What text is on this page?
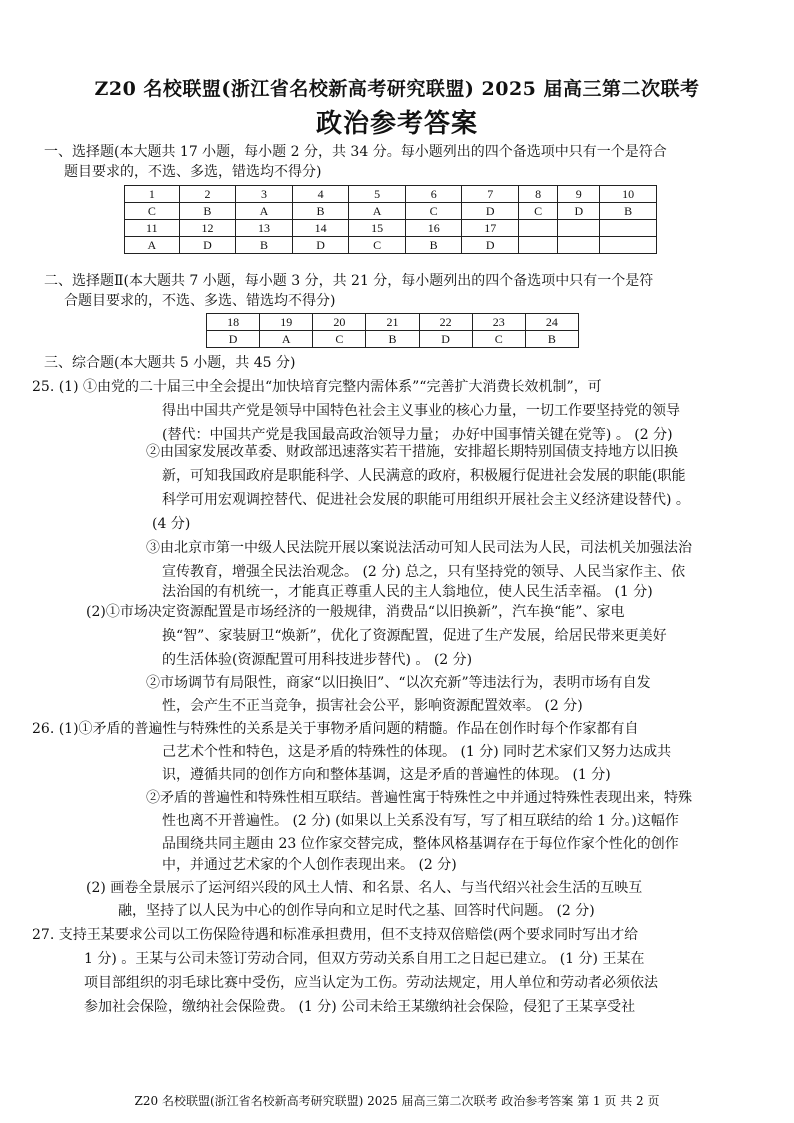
Z20 名校联盟(浙江省名校新高考研究联盟) 2025 届高三第二次联考
政治参考答案
一、选择题(本大题共 17 小题，每小题 2 分，共 34 分。每小题列出的四个备选项中只有一个是符合
题目要求的，不选、多选，错选均不得分)
1	2	3	4	5	6	7	8	9	10
C	B	A	B	A	C	D	C	D	B
11	12	13	14	15	16	17			
A	D	B	D	C	B	D			
二、选择题Ⅱ(本大题共 7 小题，每小题 3 分，共 21 分，每小题列出的四个备选项中只有一个是符
合题目要求的，不选、多选、错选均不得分)
18	19	20	21	22	23	24
D	A	C	B	D	C	B
三、综合题(本大题共 5 小题，共 45 分)
25. (1) ①由党的二十届三中全会提出“加快培育完整内需体系”“完善扩大消费长效机制”，可
得出中国共产党是领导中国特色社会主义事业的核心力量，一切工作要坚持党的领导
(替代：中国共产党是我国最高政治领导力量； 办好中国事情关键在党等) 。 (2 分)
②由国家发展改革委、财政部迅速落实若干措施，安排超长期特别国债支持地方以旧换
新，可知我国政府是职能科学、人民满意的政府，积极履行促进社会发展的职能(职能
科学可用宏观调控替代、促进社会发展的职能可用组织开展社会主义经济建设替代) 。
(4 分)
③由北京市第一中级人民法院开展以案说法活动可知人民司法为人民，司法机关加强法治
宣传教育，增强全民法治观念。 (2 分) 总之，只有坚持党的领导、人民当家作主、依
法治国的有机统一，才能真正尊重人民的主人翁地位，使人民生活幸福。 (1 分)
(2)①市场决定资源配置是市场经济的一般规律，消费品“以旧换新”，汽车换“能”、家电
换“智”、家装厨卫“焕新”，优化了资源配置，促进了生产发展，给居民带来更美好
的生活体验(资源配置可用科技进步替代) 。 (2 分)
②市场调节有局限性，商家“以旧换旧”、“以次充新”等违法行为，表明市场有自发
性，会产生不正当竞争，损害社会公平，影响资源配置效率。 (2 分)
26. (1)①矛盾的普遍性与特殊性的关系是关于事物矛盾问题的精髓。作品在创作时每个作家都有自
己艺术个性和特色，这是矛盾的特殊性的体现。 (1 分) 同时艺术家们又努力达成共
识，遵循共同的创作方向和整体基调，这是矛盾的普遍性的体现。 (1 分)
②矛盾的普遍性和特殊性相互联结。普遍性寓于特殊性之中并通过特殊性表现出来，特殊
性也离不开普遍性。 (2 分) (如果以上关系没有写，写了相互联结的给 1 分。)这幅作
品围绕共同主题由 23 位作家交替完成，整体风格基调存在于每位作家个性化的创作
中，并通过艺术家的个人创作表现出来。 (2 分)
(2) 画卷全景展示了运河绍兴段的风土人情、和名景、名人、与当代绍兴社会生活的互映互
融，坚持了以人民为中心的创作导向和立足时代之基、回答时代问题。 (2 分)
27. 支持王某要求公司以工伤保险待遇和标准承担费用，但不支持双倍赔偿(两个要求同时写出才给
1 分) 。王某与公司未签订劳动合同，但双方劳动关系自用工之日起已建立。 (1 分) 王某在
项目部组织的羽毛球比赛中受伤，应当认定为工伤。劳动法规定，用人单位和劳动者必须依法
参加社会保险，缴纳社会保险费。 (1 分) 公司未给王某缴纳社会保险，侵犯了王某享受社
Z20 名校联盟(浙江省名校新高考研究联盟) 2025 届高三第二次联考 政治参考答案 第 1 页 共 2 页
